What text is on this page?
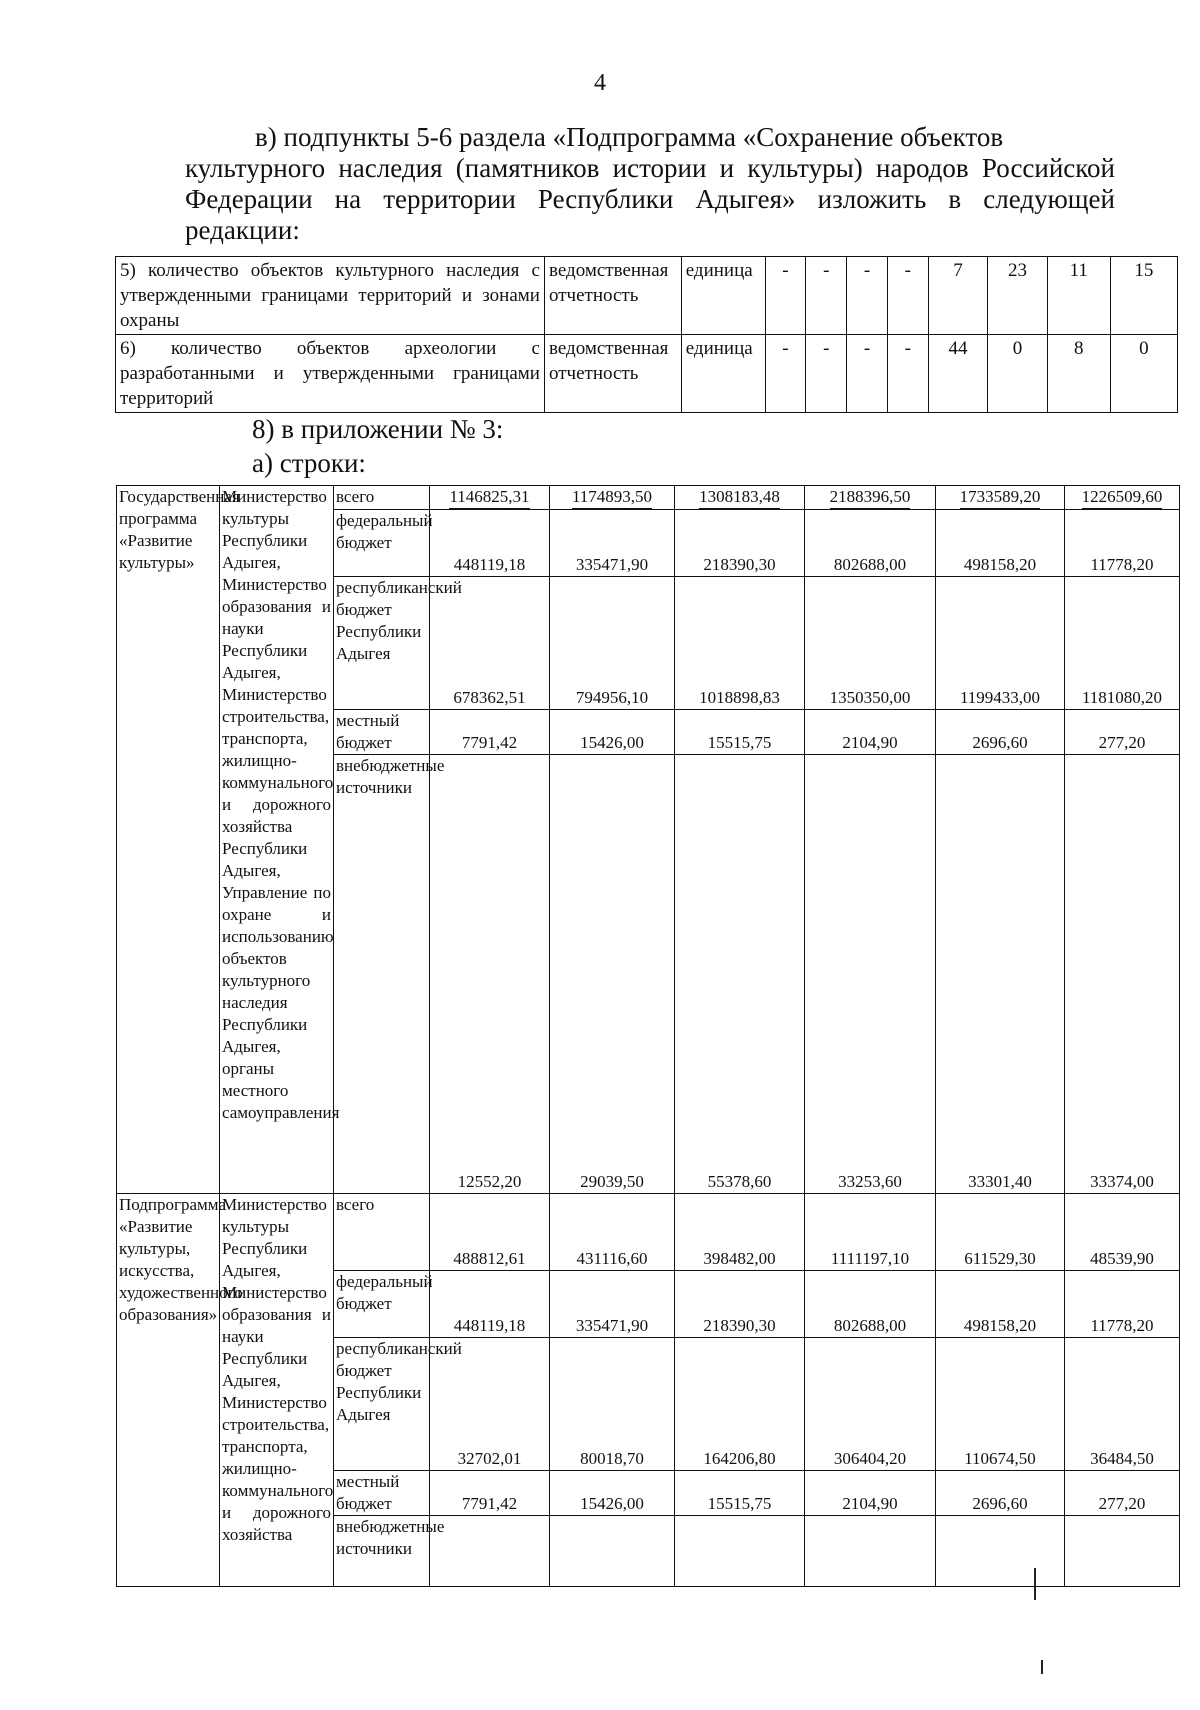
4
в) подпункты 5-6 раздела «Подпрограмма «Сохранение объектов
культурного наследия (памятников истории и культуры) народов Российской Федерации на территории Республики Адыгея» изложить в следующей редакции:
5) количество объектов культурного наследия с утвержденными границами территорий и зонами охраны	ведомственная отчетность	единица	-	-	-	-	7	23	11	15
6) количество объектов археологии с разработанными и утвержденными границами территорий	ведомственная отчетность	единица	-	-	-	-	44	0	8	0
8) в приложении № 3:
а) строки:
Государственная программа «Развитие культуры»	Министерство культуры Республики Адыгея, Министерство образования и науки Республики Адыгея, Министерство строительства, транспорта, жилищно-коммунального и дорожного хозяйства Республики Адыгея, Управление по охране и использованию объектов культурного наследия Республики Адыгея, органы местного самоуправления	всего	1146825,31	1174893,50	1308183,48	2188396,50	1733589,20	1226509,60
		федеральный бюджет	448119,18	335471,90	218390,30	802688,00	498158,20	11778,20
		республиканский бюджет Республики Адыгея	678362,51	794956,10	1018898,83	1350350,00	1199433,00	1181080,20
		местный бюджет	7791,42	15426,00	15515,75	2104,90	2696,60	277,20
		внебюджетные источники	12552,20	29039,50	55378,60	33253,60	33301,40	33374,00
Подпрограмма «Развитие культуры, искусства, художественного образования»	Министерство культуры Республики Адыгея, Министерство образования и науки Республики Адыгея, Министерство строительства, транспорта, жилищно-коммунального и дорожного хозяйства	всего	488812,61	431116,60	398482,00	1111197,10	611529,30	48539,90
		федеральный бюджет	448119,18	335471,90	218390,30	802688,00	498158,20	11778,20
		республиканский бюджет Республики Адыгея	32702,01	80018,70	164206,80	306404,20	110674,50	36484,50
		местный бюджет	7791,42	15426,00	15515,75	2104,90	2696,60	277,20
		внебюджетные источники						
